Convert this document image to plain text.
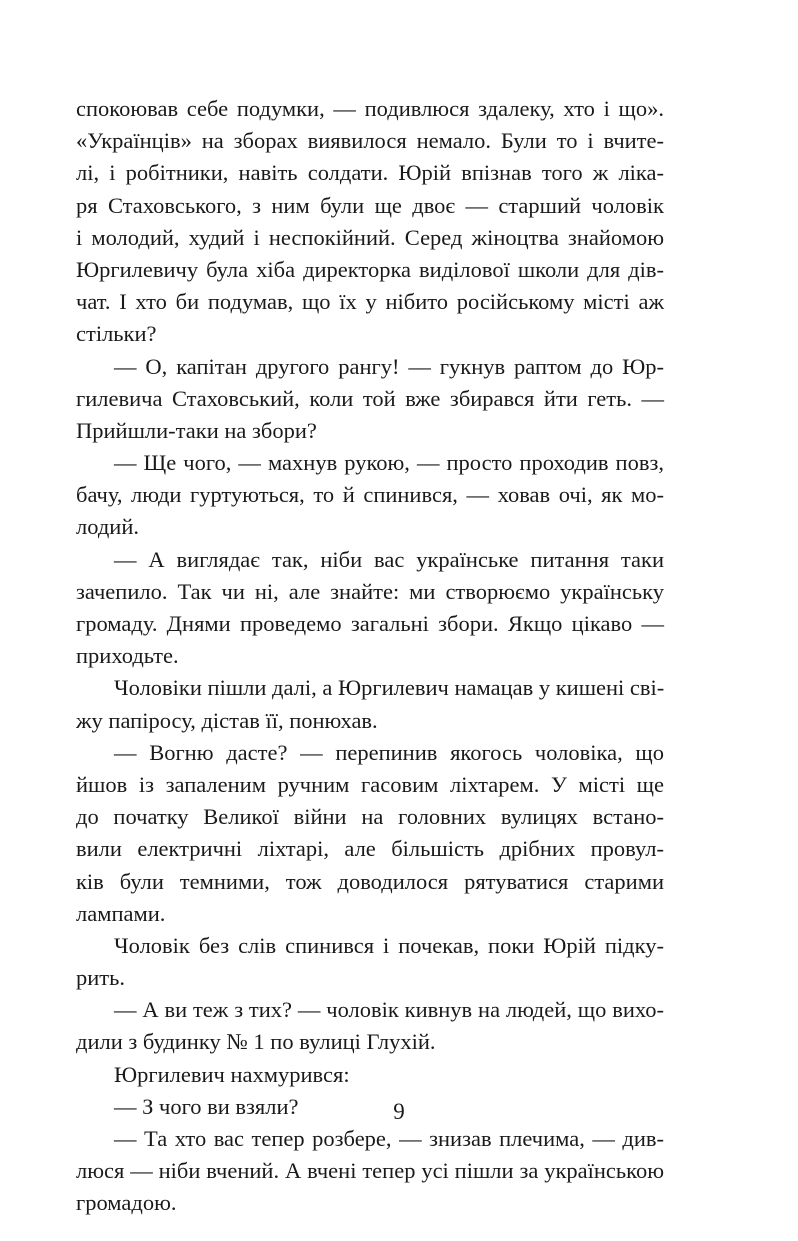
спокоював себе подумки, — подивлюся здалеку, хто і що».
«Українців» на зборах виявилося немало. Були то і вчите-
лі, і робітники, навіть солдати. Юрій впізнав того ж ліка-
ря Стаховського, з ним були ще двоє — старший чоловік
і молодий, худий і неспокійний. Серед жіноцтва знайомою
Юргилевичу була хіба директорка виділової школи для дів-
чат. І хто би подумав, що їх у нібито російському місті аж
стільки?
— О, капітан другого рангу! — гукнув раптом до Юр-
гилевича Стаховський, коли той вже збирався йти геть. —
Прийшли-таки на збори?
— Ще чого, — махнув рукою, — просто проходив повз,
бачу, люди гуртуються, то й спинився, — ховав очі, як мо-
лодий.
— А виглядає так, ніби вас українське питання таки
зачепило. Так чи ні, але знайте: ми створюємо українську
громаду. Днями проведемо загальні збори. Якщо цікаво —
приходьте.
Чоловіки пішли далі, а Юргилевич намацав у кишені сві-
жу папіросу, дістав її, понюхав.
— Вогню дасте? — перепинив якогось чоловіка, що
йшов із запаленим ручним гасовим ліхтарем. У місті ще
до початку Великої війни на головних вулицях встано-
вили електричні ліхтарі, але більшість дрібних провул-
ків були темними, тож доводилося рятуватися старими
лампами.
Чоловік без слів спинився і почекав, поки Юрій підку-
рить.
— А ви теж з тих? — чоловік кивнув на людей, що вихо-
дили з будинку № 1 по вулиці Глухій.
Юргилевич нахмурився:
— З чого ви взяли?
— Та хто вас тепер розбере, — знизав плечима, — див-
люся — ніби вчений. А вчені тепер усі пішли за українською
громадою.
9
